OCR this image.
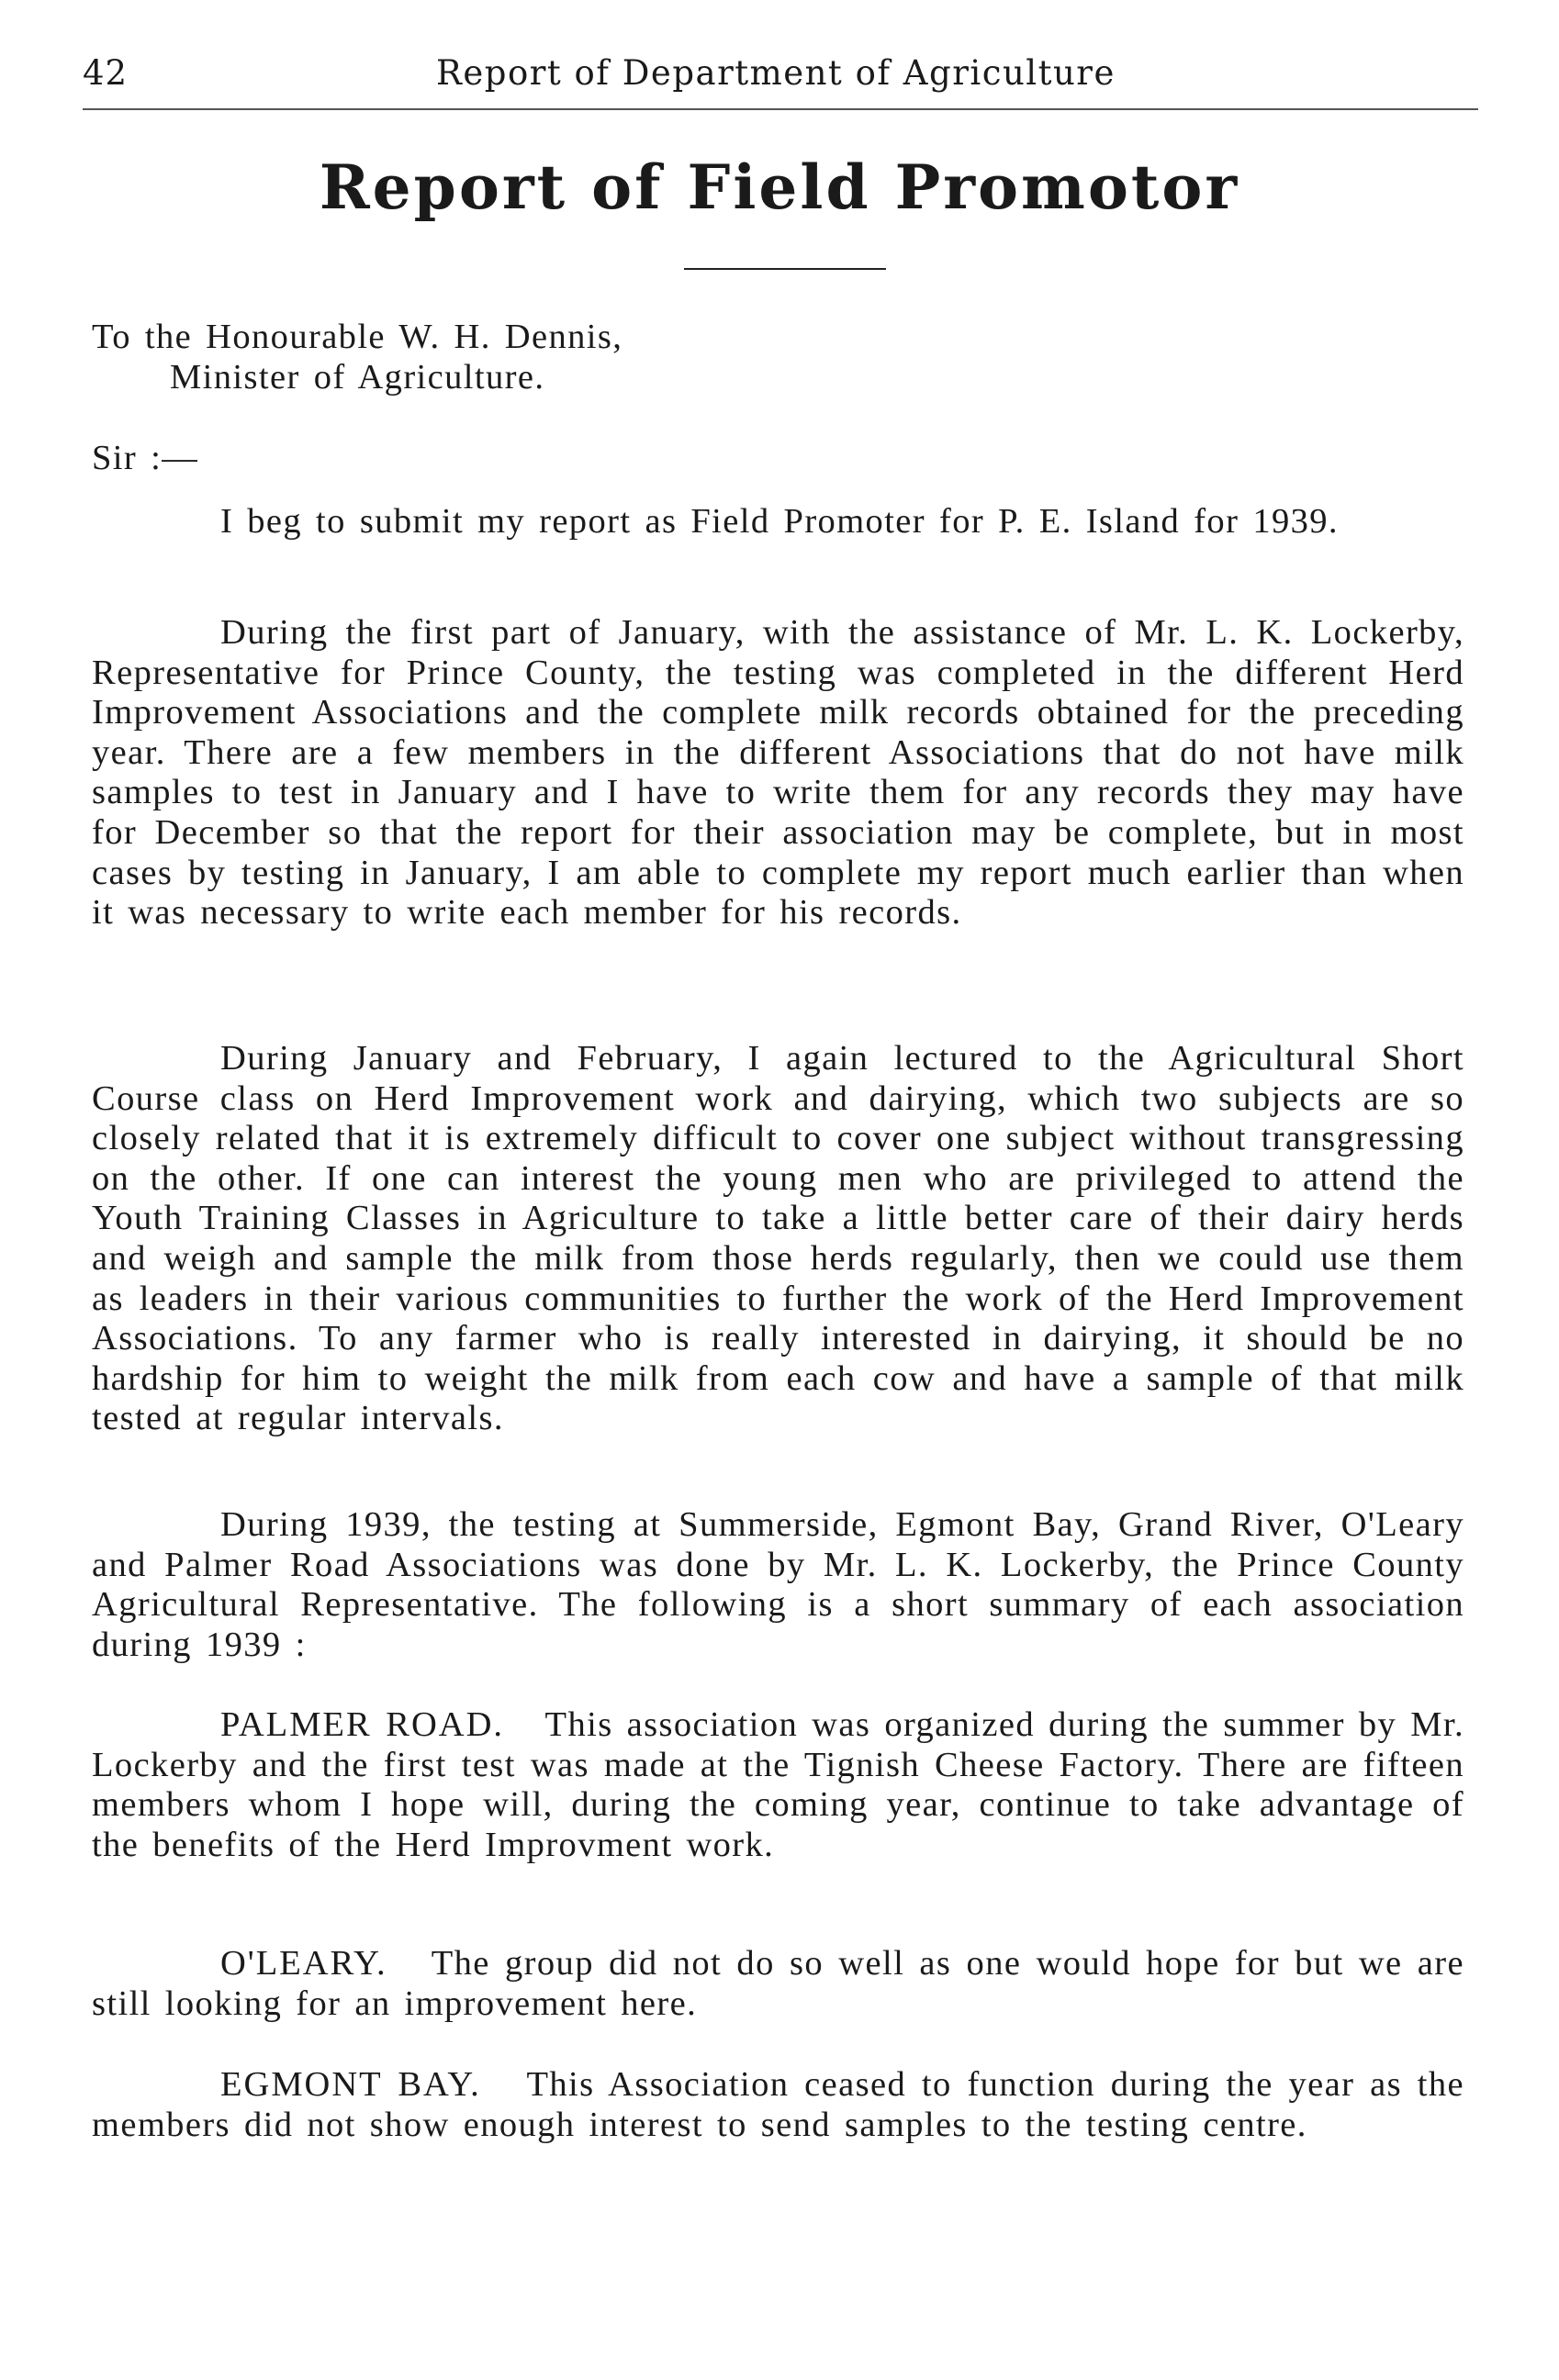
42	Report of Department of Agriculture
Report of Field Promotor

To the Honourable W. H. Dennis,

Minister of Agriculture.

Sir :—

I beg to submit my report as Field Promoter for P. E. Island for 1939.

During the first part of January, with the assistance of Mr. L. K. Lockerby, Representative for Prince County, the testing was completed in the different Herd Improvement Associations and the complete milk records obtained for the preceding year. There are a few members in the different Associations that do not have milk samples to test in January and I have to write them for any records they may have for December so that the report for their association may be complete, but in most cases by testing in January, I am able to complete my report much earlier than when it was necessary to write each member for his records.

During January and February, I again lectured to the Agricultural Short Course class on Herd Improvement work and dairying, which two subjects are so closely related that it is extremely difficult to cover one subject without transgressing on the other. If one can interest the young men who are privileged to attend the Youth Training Classes in Agriculture to take a little better care of their dairy herds and weigh and sample the milk from those herds regularly, then we could use them as leaders in their various communities to further the work of the Herd Improvement Associations. To any farmer who is really interested in dairying, it should be no hardship for him to weight the milk from each cow and have a sample of that milk tested at regular intervals.

During 1939, the testing at Summerside, Egmont Bay, Grand River, O'Leary and Palmer Road Associations was done by Mr. L. K. Lockerby, the Prince County Agricultural Representative. The following is a short summary of each association during 1939 :

PALMER ROAD. This association was organized during the summer by Mr. Lockerby and the first test was made at the Tignish Cheese Factory. There are fifteen members whom I hope will, during the coming year, continue to take advantage of the benefits of the Herd Improvment work.

O'LEARY. The group did not do so well as one would hope for but we are still looking for an improvement here.

EGMONT BAY. This Association ceased to function during the year as the members did not show enough interest to send samples to the testing centre.
